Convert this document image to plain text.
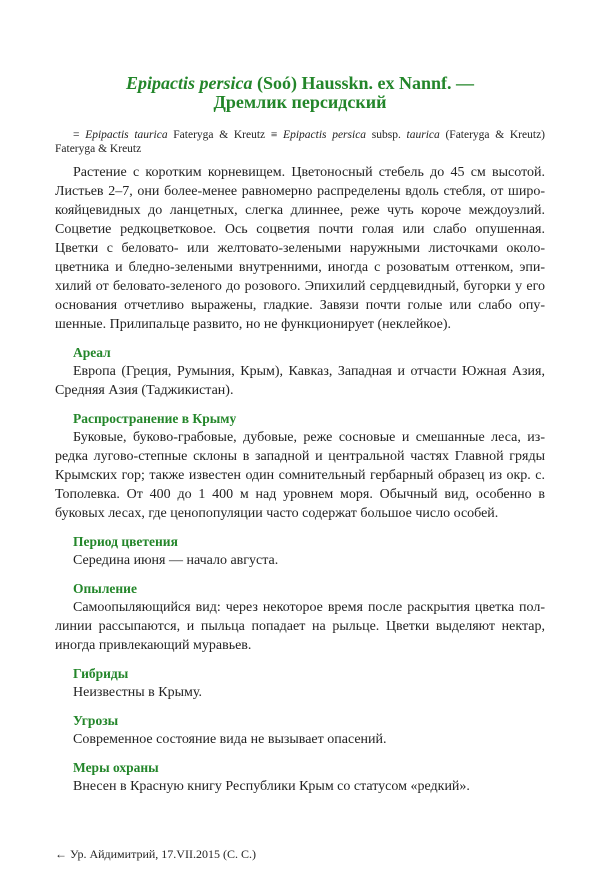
Epipactis persica (Soó) Hausskn. ex Nannf. —
Дремлик персидский
= Epipactis taurica Fateryga & Kreutz ≡ Epipactis persica subsp. taurica (Fateryga & Kreutz) Fateryga & Kreutz
Растение с коротким корневищем. Цветоносный стебель до 45 см высотой. Листьев 2–7, они более-менее равномерно распределены вдоль стебля, от широкояйцевидных до ланцетных, слегка длиннее, реже чуть короче междоузлий. Соцветие редкоцветковое. Ось соцветия почти голая или слабо опушенная. Цветки с беловато- или желтовато-зелеными наружными листочками околоцветника и бледно-зелеными внутренними, иногда с розоватым оттенком, эпихилий от беловато-зеленого до розового. Эпихилий сердцевидный, бугорки у его основания отчетливо выражены, гладкие. Завязи почти голые или слабо опушенные. Прилипальце развито, но не функционирует (неклейкое).
Ареал
Европа (Греция, Румыния, Крым), Кавказ, Западная и отчасти Южная Азия, Средняя Азия (Таджикистан).
Распространение в Крыму
Буковые, буково-грабовые, дубовые, реже сосновые и смешанные леса, изредка лугово-степные склоны в западной и центральной частях Главной гряды Крымских гор; также известен один сомнительный гербарный образец из окр. с. Тополевка. От 400 до 1 400 м над уровнем моря. Обычный вид, особенно в буковых лесах, где ценопопуляции часто содержат большое число особей.
Период цветения
Середина июня — начало августа.
Опыление
Самоопыляющийся вид: через некоторое время после раскрытия цветка поллинии рассыпаются, и пыльца попадает на рыльце. Цветки выделяют нектар, иногда привлекающий муравьев.
Гибриды
Неизвестны в Крыму.
Угрозы
Современное состояние вида не вызывает опасений.
Меры охраны
Внесен в Красную книгу Республики Крым со статусом «редкий».
← Ур. Айдимитрий, 17.VII.2015 (С. С.)
